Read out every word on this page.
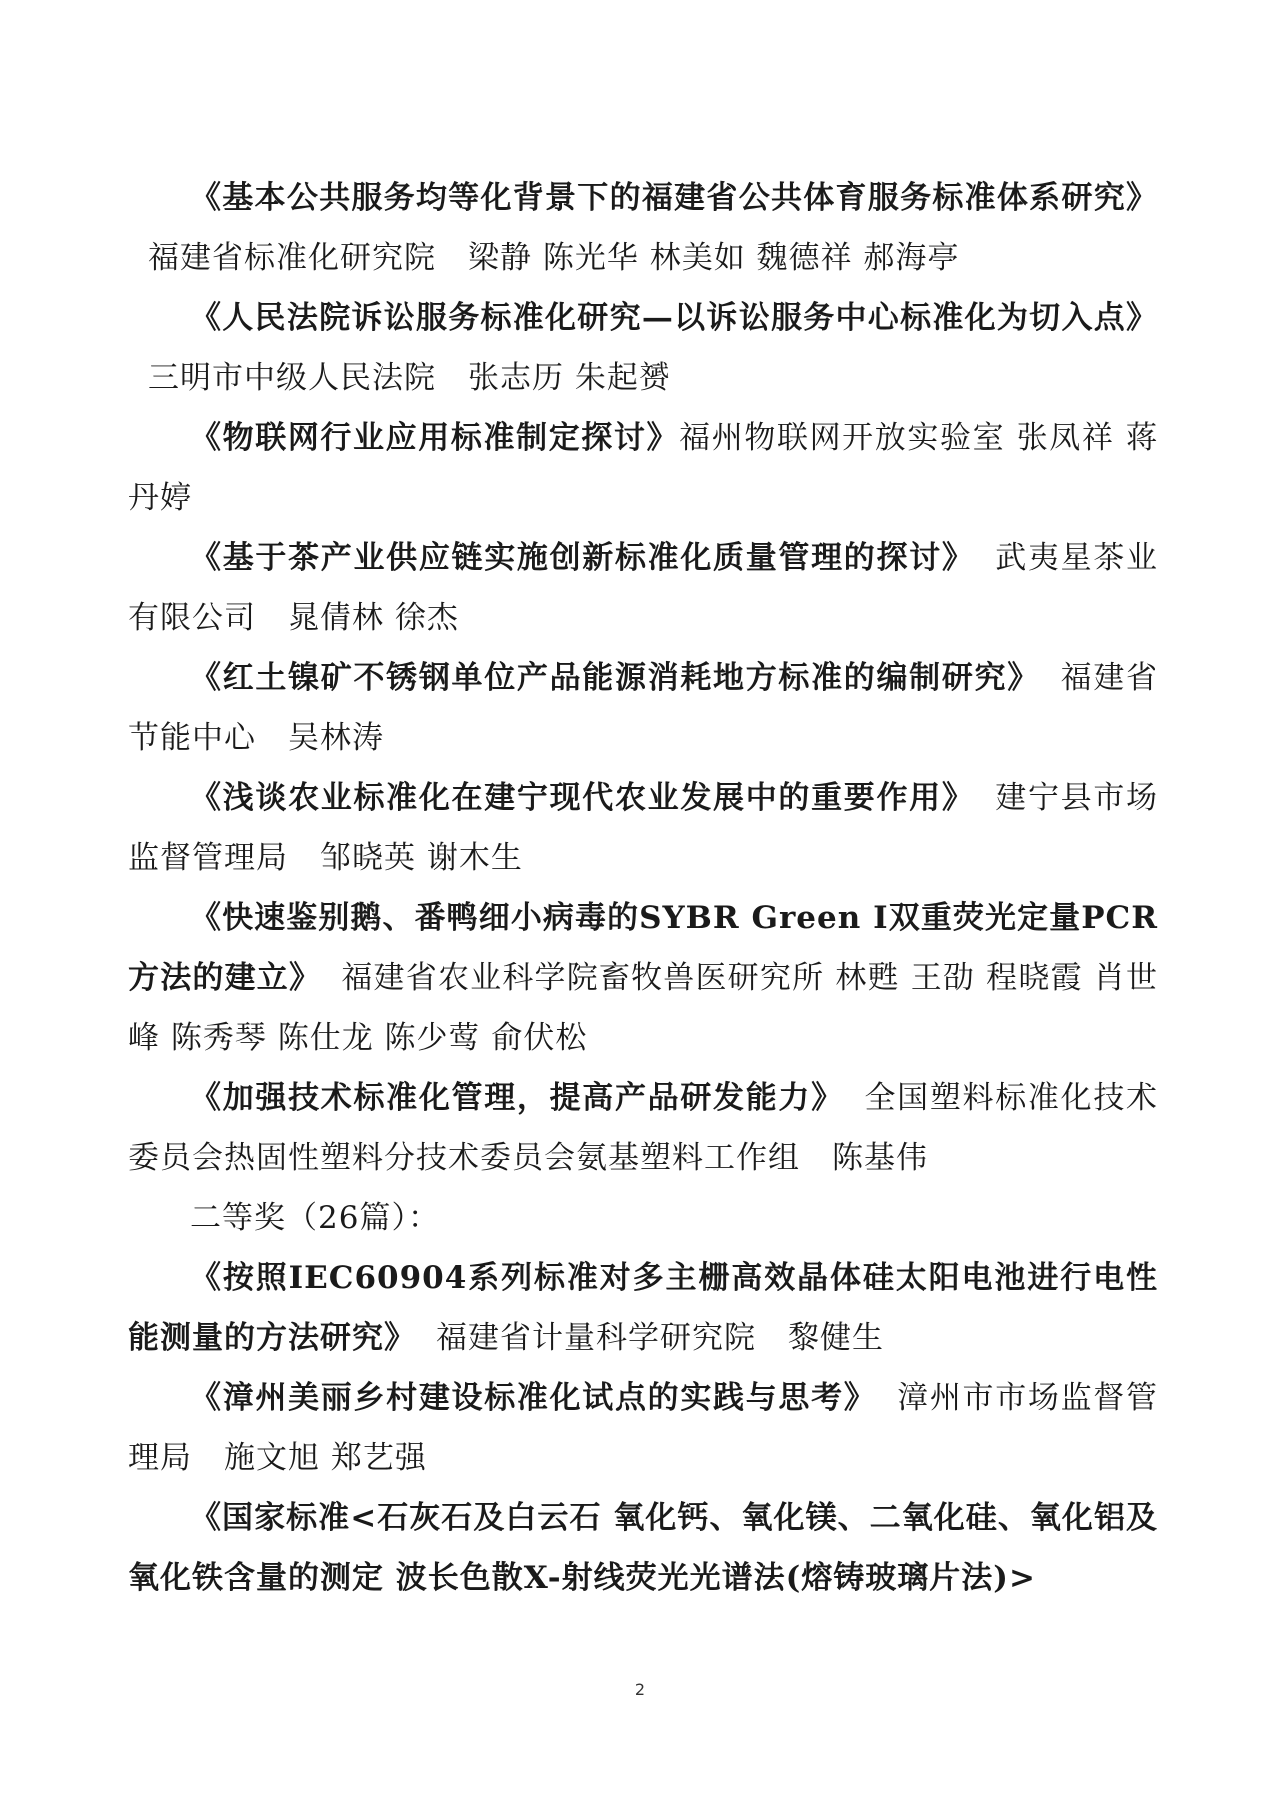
《基本公共服务均等化背景下的福建省公共体育服务标准体系研究》福建省标准化研究院　梁静 陈光华 林美如 魏德祥 郝海亭

《人民法院诉讼服务标准化研究—以诉讼服务中心标准化为切入点》三明市中级人民法院　张志历 朱起赟

《物联网行业应用标准制定探讨》福州物联网开放实验室 张凤祥 蒋丹婷

《基于茶产业供应链实施创新标准化质量管理的探讨》 武夷星茶业有限公司　晁倩林 徐杰

《红土镍矿不锈钢单位产品能源消耗地方标准的编制研究》 福建省节能中心　吴林涛

《浅谈农业标准化在建宁现代农业发展中的重要作用》 建宁县市场监督管理局　邹晓英 谢木生

《快速鉴别鹅、番鸭细小病毒的SYBR Green I双重荧光定量PCR方法的建立》 福建省农业科学院畜牧兽医研究所 林甦 王劭 程晓霞 肖世峰 陈秀琴 陈仕龙 陈少莺 俞伏松

《加强技术标准化管理，提高产品研发能力》 全国塑料标准化技术委员会热固性塑料分技术委员会氨基塑料工作组　陈基伟

二等奖（26篇）：

《按照IEC60904系列标准对多主栅高效晶体硅太阳电池进行电性能测量的方法研究》 福建省计量科学研究院　黎健生

《漳州美丽乡村建设标准化试点的实践与思考》 漳州市市场监督管理局　施文旭 郑艺强

《国家标准<石灰石及白云石 氧化钙、氧化镁、二氧化硅、氧化铝及氧化铁含量的测定 波长色散X-射线荧光光谱法(熔铸玻璃片法)>

2
